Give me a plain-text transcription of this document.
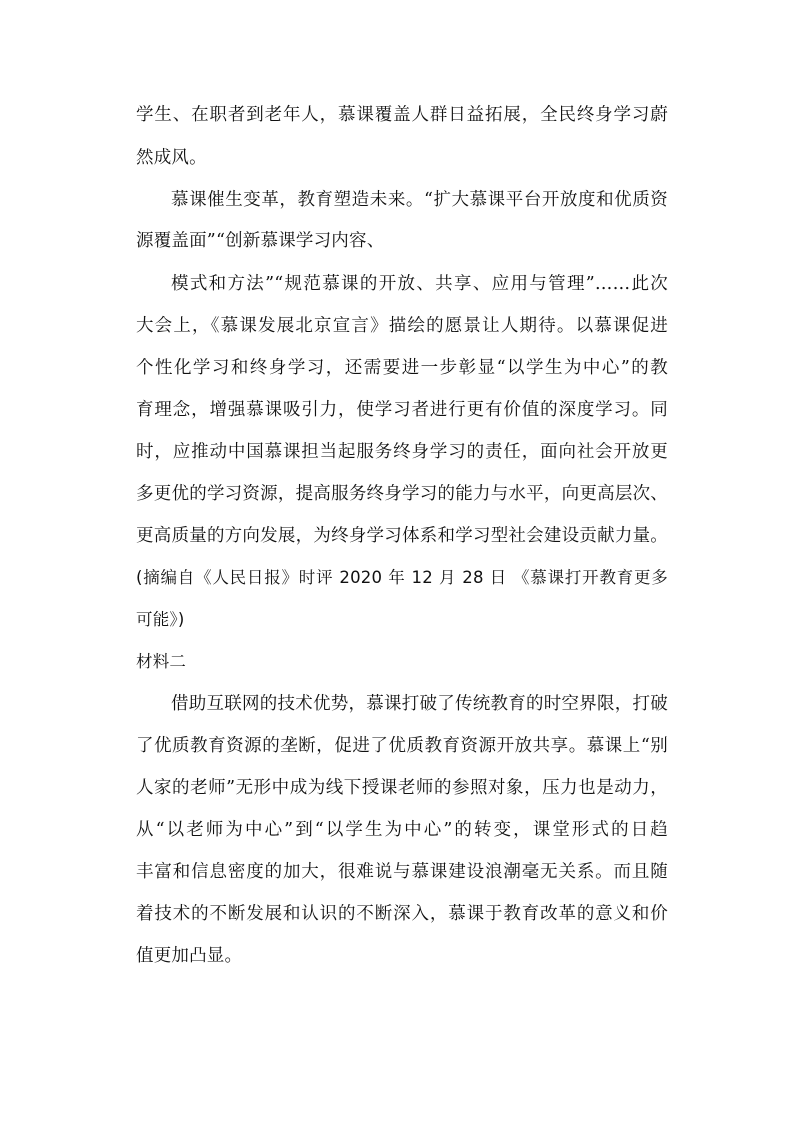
学生、在职者到老年人，慕课覆盖人群日益拓展，全民终身学习蔚
然成风。
慕课催生变革，教育塑造未来。“扩大慕课平台开放度和优质资
源覆盖面”“创新慕课学习内容、
模式和方法”“规范慕课的开放、共享、应用与管理”……此次
大会上，《慕课发展北京宣言》描绘的愿景让人期待。以慕课促进
个性化学习和终身学习，还需要进一步彰显“以学生为中心”的教
育理念，增强慕课吸引力，使学习者进行更有价值的深度学习。同
时，应推动中国慕课担当起服务终身学习的责任，面向社会开放更
多更优的学习资源，提高服务终身学习的能力与水平，向更高层次、
更高质量的方向发展，为终身学习体系和学习型社会建设贡献力量。
(摘编自《人民日报》时评 2020 年 12 月 28 日 《慕课打开教育更多
可能》)
材料二
借助互联网的技术优势，慕课打破了传统教育的时空界限，打破
了优质教育资源的垄断，促进了优质教育资源开放共享。慕课上“别
人家的老师”无形中成为线下授课老师的参照对象，压力也是动力，
从“以老师为中心”到“以学生为中心”的转变，课堂形式的日趋
丰富和信息密度的加大，很难说与慕课建设浪潮毫无关系。而且随
着技术的不断发展和认识的不断深入，慕课于教育改革的意义和价
值更加凸显。
